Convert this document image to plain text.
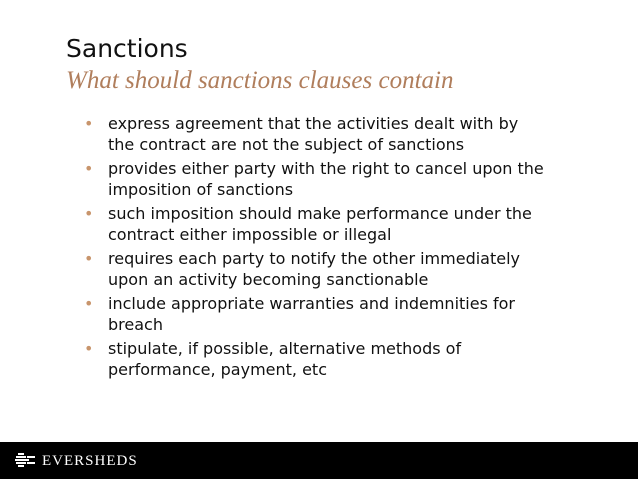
Sanctions
What should sanctions clauses contain
• express agreement that the activities dealt with by the contract are not the subject of sanctions
• provides either party with the right to cancel upon the imposition of sanctions
• such imposition should make performance under the contract either impossible or illegal
• requires each party to notify the other immediately upon an activity becoming sanctionable
• include appropriate warranties and indemnities for breach
• stipulate, if possible, alternative methods of performance, payment, etc
EVERSHEDS
